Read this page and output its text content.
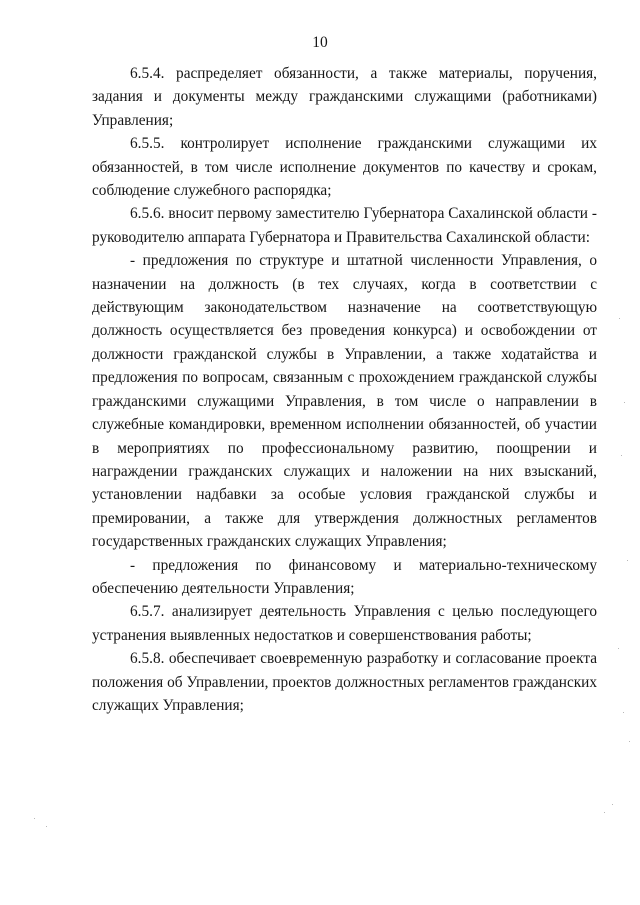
10

6.5.4. распределяет обязанности, а также материалы, поручения, задания и документы между гражданскими служащими (работниками) Управления;

6.5.5. контролирует исполнение гражданскими служащими их обязанностей, в том числе исполнение документов по качеству и срокам, соблюдение служебного распорядка;

6.5.6. вносит первому заместителю Губернатора Сахалинской области - руководителю аппарата Губернатора и Правительства Сахалинской области:

- предложения по структуре и штатной численности Управления, о назначении на должность (в тех случаях, когда в соответствии с действующим законодательством назначение на соответствующую должность осуществляется без проведения конкурса) и освобождении от должности гражданской службы в Управлении, а также ходатайства и предложения по вопросам, связанным с прохождением гражданской службы гражданскими служащими Управления, в том числе о направлении в служебные командировки, временном исполнении обязанностей, об участии в мероприятиях по профессиональному развитию, поощрении и награждении гражданских служащих и наложении на них взысканий, установлении надбавки за особые условия гражданской службы и премировании, а также для утверждения должностных регламентов государственных гражданских служащих Управления;

- предложения по финансовому и материально-техническому обеспечению деятельности Управления;

6.5.7. анализирует деятельность Управления с целью последующего устранения выявленных недостатков и совершенствования работы;

6.5.8. обеспечивает своевременную разработку и согласование проекта положения об Управлении, проектов должностных регламентов гражданских служащих Управления;
